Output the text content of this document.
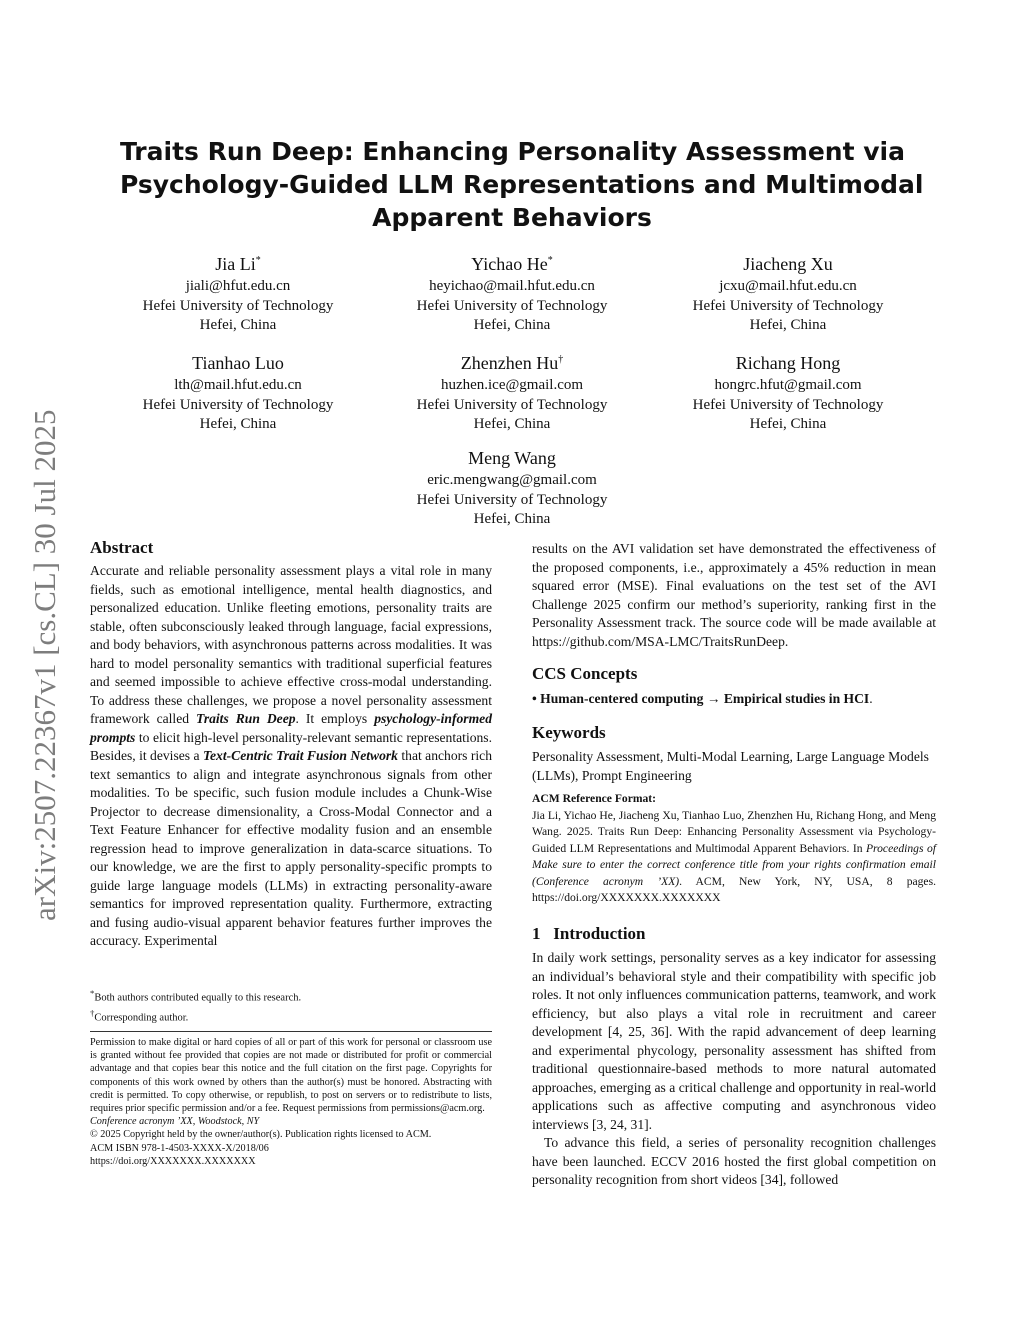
arXiv:2507.22367v1 [cs.CL] 30 Jul 2025
Traits Run Deep: Enhancing Personality Assessment via
Psychology-Guided LLM Representations and Multimodal
Apparent Behaviors
Jia Li*
jiali@hfut.edu.cn
Hefei University of Technology
Hefei, China
Yichao He*
heyichao@mail.hfut.edu.cn
Hefei University of Technology
Hefei, China
Jiacheng Xu
jcxu@mail.hfut.edu.cn
Hefei University of Technology
Hefei, China
Tianhao Luo
lth@mail.hfut.edu.cn
Hefei University of Technology
Hefei, China
Zhenzhen Hu†
huzhen.ice@gmail.com
Hefei University of Technology
Hefei, China
Richang Hong
hongrc.hfut@gmail.com
Hefei University of Technology
Hefei, China
Meng Wang
eric.mengwang@gmail.com
Hefei University of Technology
Hefei, China
Abstract

Accurate and reliable personality assessment plays a vital role in many fields, such as emotional intelligence, mental health diagnostics, and personalized education. Unlike fleeting emotions, personality traits are stable, often subconsciously leaked through language, facial expressions, and body behaviors, with asynchronous patterns across modalities. It was hard to model personality semantics with traditional superficial features and seemed impossible to achieve effective cross-modal understanding. To address these challenges, we propose a novel personality assessment framework called Traits Run Deep. It employs psychology-informed prompts to elicit high-level personality-relevant semantic representations. Besides, it devises a Text-Centric Trait Fusion Network that anchors rich text semantics to align and integrate asynchronous signals from other modalities. To be specific, such fusion module includes a Chunk-Wise Projector to decrease dimensionality, a Cross-Modal Connector and a Text Feature Enhancer for effective modality fusion and an ensemble regression head to improve generalization in data-scarce situations. To our knowledge, we are the first to apply personality-specific prompts to guide large language models (LLMs) in extracting personality-aware semantics for improved representation quality. Furthermore, extracting and fusing audio-visual apparent behavior features further improves the accuracy. Experimental

*Both authors contributed equally to this research.
†Corresponding author.
Permission to make digital or hard copies of all or part of this work for personal or classroom use is granted without fee provided that copies are not made or distributed for profit or commercial advantage and that copies bear this notice and the full citation on the first page. Copyrights for components of this work owned by others than the author(s) must be honored. Abstracting with credit is permitted. To copy otherwise, or republish, to post on servers or to redistribute to lists, requires prior specific permission and/or a fee. Request permissions from permissions@acm.org.
Conference acronym ’XX, Woodstock, NY
© 2025 Copyright held by the owner/author(s). Publication rights licensed to ACM.
ACM ISBN 978-1-4503-XXXX-X/2018/06
https://doi.org/XXXXXXX.XXXXXXX

results on the AVI validation set have demonstrated the effectiveness of the proposed components, i.e., approximately a 45% reduction in mean squared error (MSE). Final evaluations on the test set of the AVI Challenge 2025 confirm our method’s superiority, ranking first in the Personality Assessment track. The source code will be made available at https://github.com/MSA-LMC/TraitsRunDeep.

CCS Concepts
• Human-centered computing → Empirical studies in HCI.
Keywords

Personality Assessment, Multi-Modal Learning, Large Language Models (LLMs), Prompt Engineering

ACM Reference Format:
Jia Li, Yichao He, Jiacheng Xu, Tianhao Luo, Zhenzhen Hu, Richang Hong, and Meng Wang. 2025. Traits Run Deep: Enhancing Personality Assessment via Psychology-Guided LLM Representations and Multimodal Apparent Behaviors. In Proceedings of Make sure to enter the correct conference title from your rights confirmation email (Conference acronym ’XX). ACM, New York, NY, USA, 8 pages. https://doi.org/XXXXXXX.XXXXXXX
1 Introduction

In daily work settings, personality serves as a key indicator for assessing an individual’s behavioral style and their compatibility with specific job roles. It not only influences communication patterns, teamwork, and work efficiency, but also plays a vital role in recruitment and career development [4, 25, 36]. With the rapid advancement of deep learning and experimental phycology, personality assessment has shifted from traditional questionnaire-based methods to more natural automated approaches, emerging as a critical challenge and opportunity in real-world applications such as affective computing and asynchronous video interviews [3, 24, 31].

To advance this field, a series of personality recognition challenges have been launched. ECCV 2016 hosted the first global competition on personality recognition from short videos [34], followed
